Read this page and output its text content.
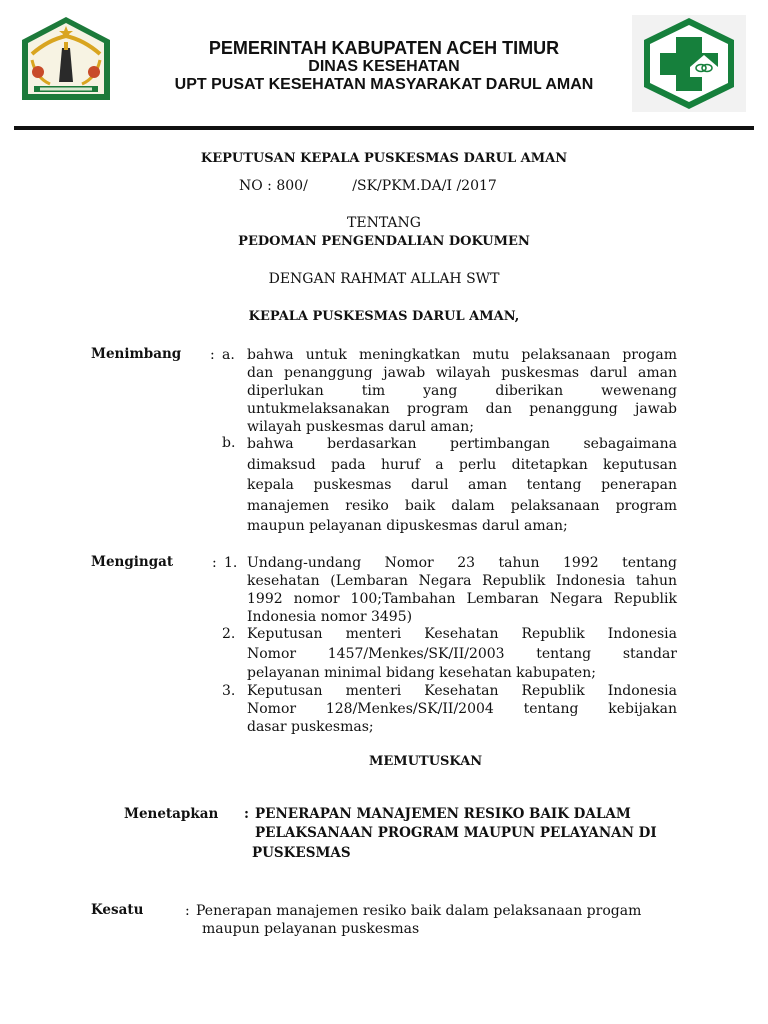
PEMERINTAH KABUPATEN ACEH TIMUR
DINAS KESEHATAN
UPT PUSAT KESEHATAN MASYARAKAT DARUL AMAN
KEPUTUSAN KEPALA PUSKESMAS DARUL AMAN
NO : 800/          /SK/PKM.DA/I /2017
TENTANG
PEDOMAN PENGENDALIAN DOKUMEN
DENGAN RAHMAT ALLAH SWT
KEPALA PUSKESMAS DARUL AMAN,
Menimbang : a. bahwa untuk meningkatkan mutu pelaksanaan progam
dan penanggung jawab wilayah puskesmas darul aman
diperlukan tim yang diberikan wewenang
untukmelaksanakan program dan penanggung jawab
wilayah puskesmas darul aman;
b. bahwa berdasarkan pertimbangan sebagaimana
dimaksud pada huruf a perlu ditetapkan keputusan
kepala puskesmas darul aman tentang penerapan
manajemen resiko baik dalam pelaksanaan program
maupun pelayanan dipuskesmas darul aman;
Mengingat	: 1. Undang-undang Nomor 23 tahun 1992 tentang
kesehatan (Lembaran Negara Republik Indonesia tahun
1992 nomor 100;Tambahan Lembaran Negara Republik
Indonesia nomor 3495)
2. Keputusan menteri Kesehatan Republik Indonesia
Nomor 1457/Menkes/SK/II/2003 tentang standar
pelayanan minimal bidang kesehatan kabupaten;
3. Keputusan menteri Kesehatan Republik Indonesia
Nomor 128/Menkes/SK/II/2004 tentang kebijakan
dasar puskesmas;
MEMUTUSKAN
Menetapkan : PENERAPAN MANAJEMEN RESIKO BAIK DALAM
PELAKSANAAN PROGRAM MAUPUN PELAYANAN DI
PUSKESMAS
Kesatu	: Penerapan manajemen resiko baik dalam pelaksanaan progam
maupun pelayanan puskesmas
